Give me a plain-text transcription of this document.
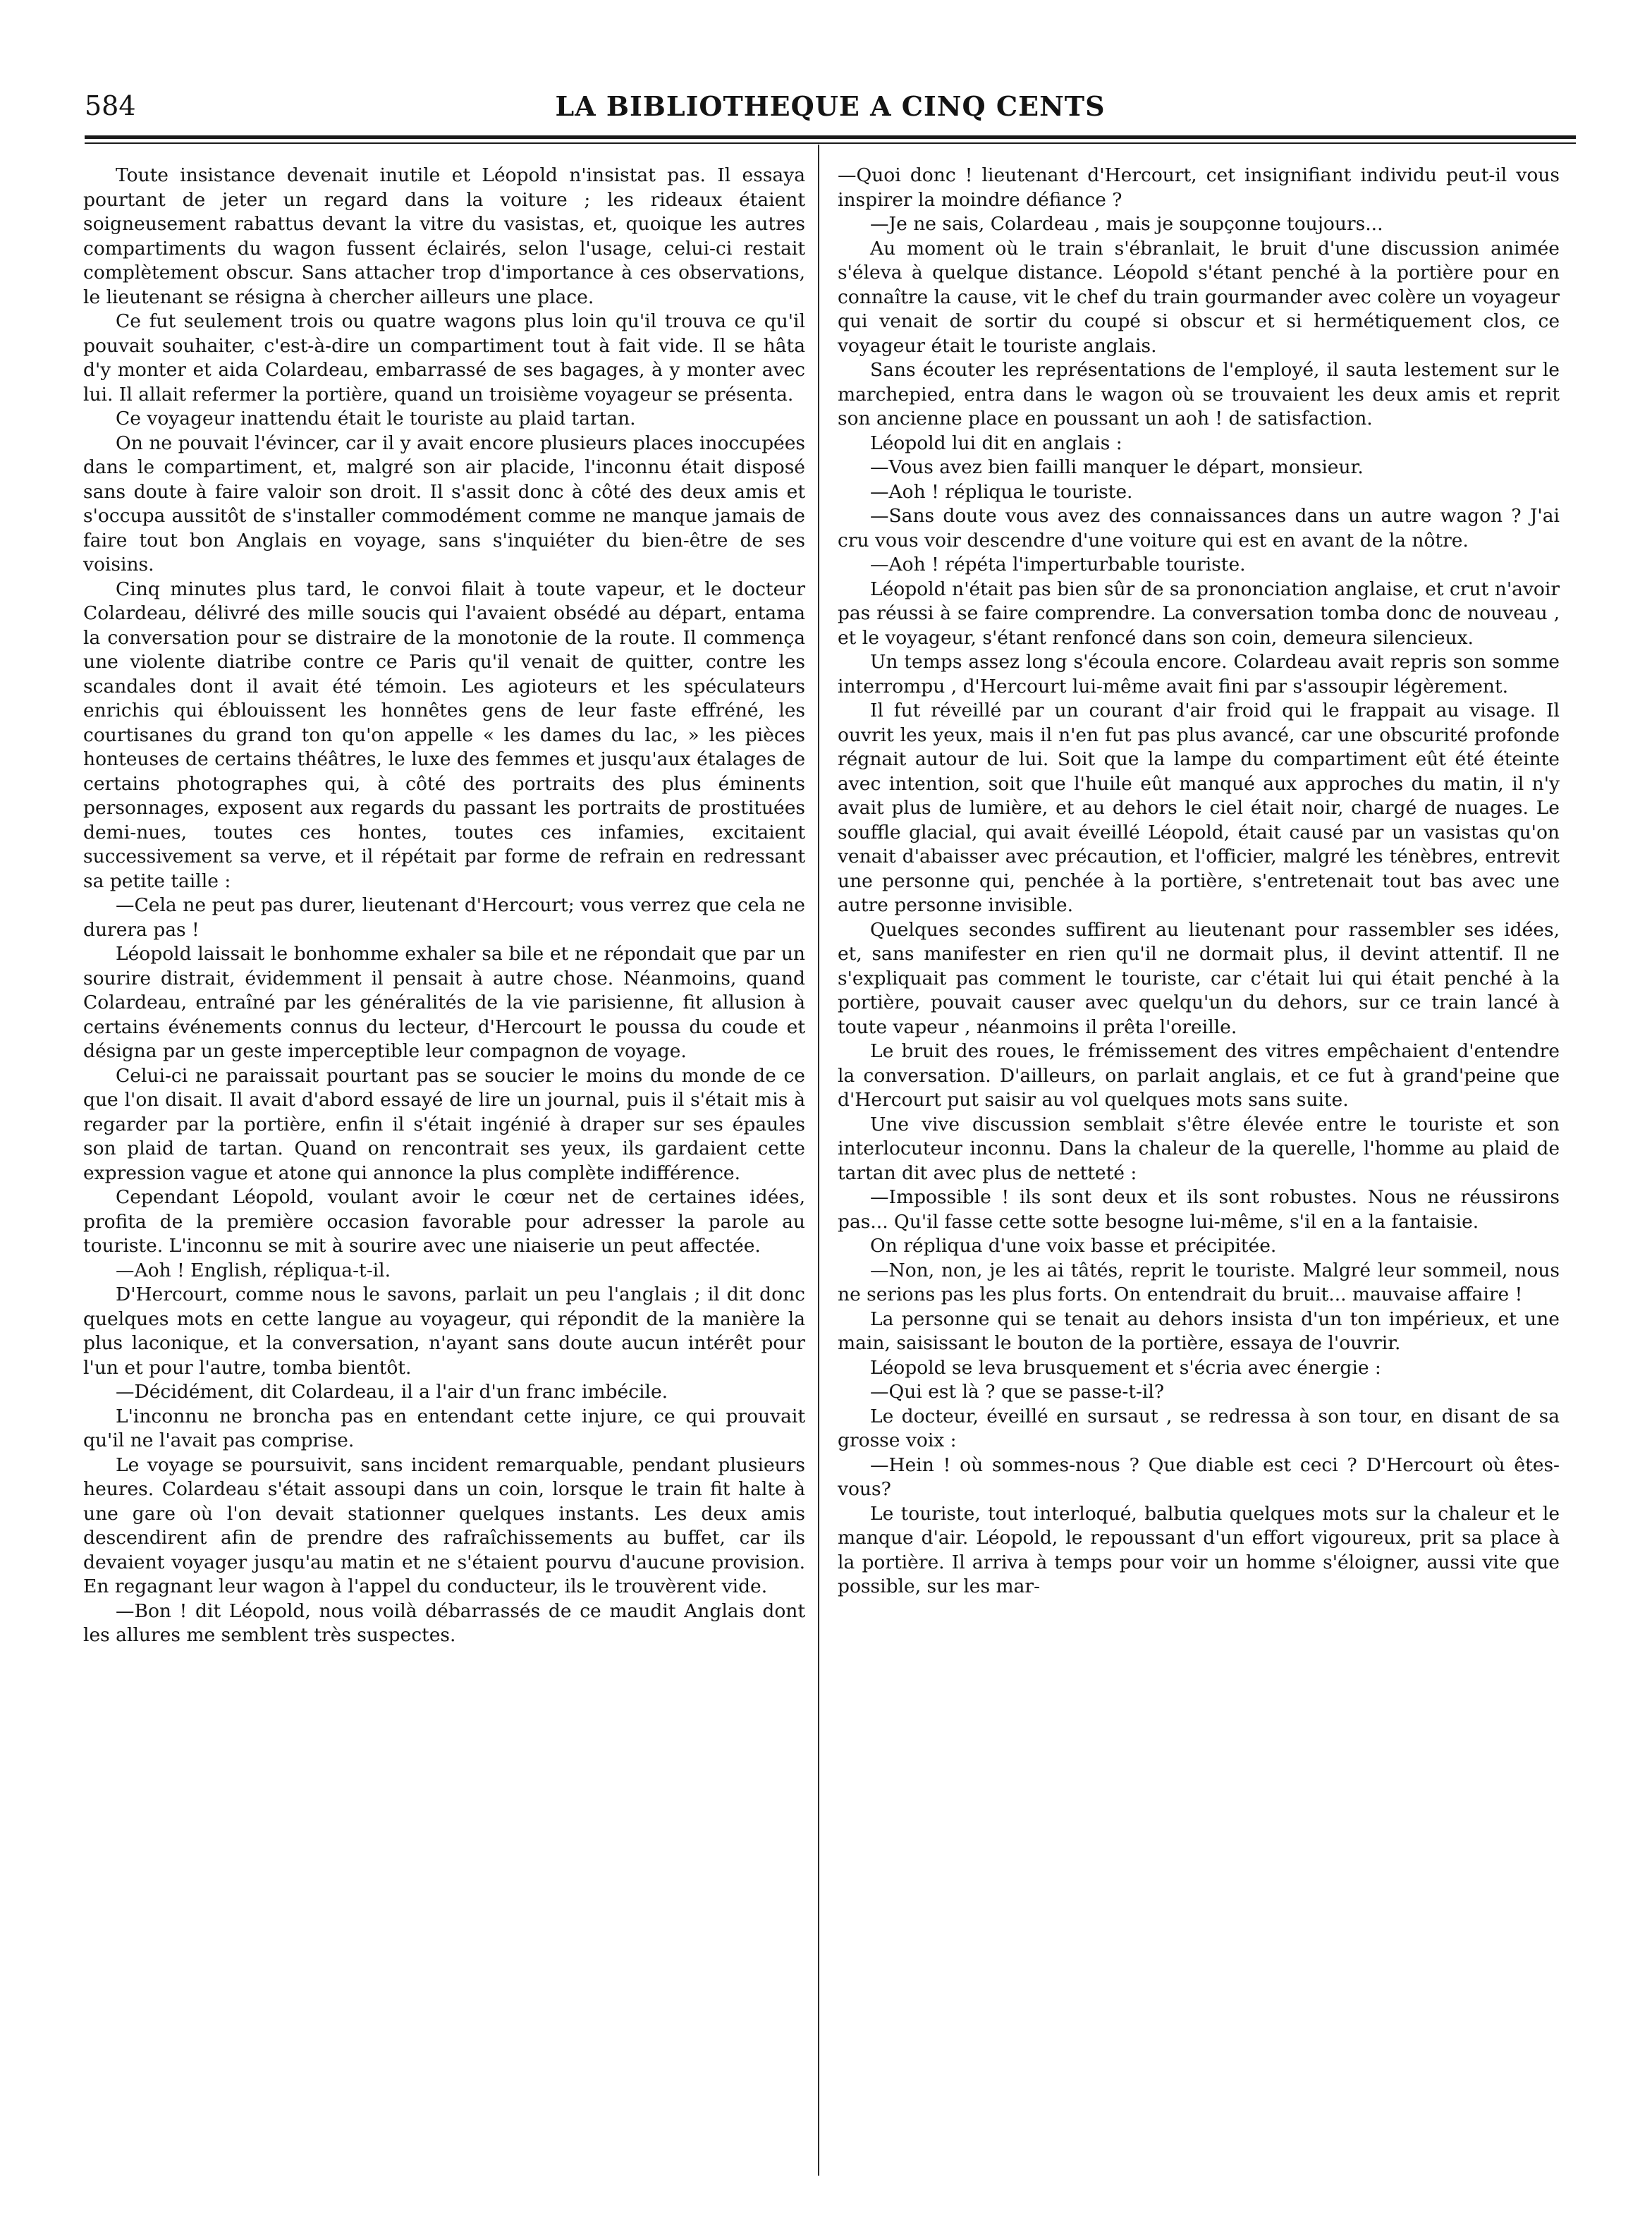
584	LA BIBLIOTHEQUE A CINQ CENTS

Toute insistance devenait inutile et Léopold n'insistat pas. Il essaya pourtant de jeter un regard dans la voiture ; les rideaux étaient soigneusement rabattus devant la vitre du vasistas, et, quoique les autres compartiments du wagon fussent éclairés, selon l'usage, celui-ci restait complètement obscur. Sans attacher trop d'importance à ces observations, le lieutenant se résigna à chercher ailleurs une place.

Ce fut seulement trois ou quatre wagons plus loin qu'il trouva ce qu'il pouvait souhaiter, c'est-à-dire un compartiment tout à fait vide. Il se hâta d'y monter et aida Colardeau, embarrassé de ses bagages, à y monter avec lui. Il allait refermer la portière, quand un troisième voyageur se présenta.

Ce voyageur inattendu était le touriste au plaid tartan.

On ne pouvait l'évincer, car il y avait encore plusieurs places inoccupées dans le compartiment, et, malgré son air placide, l'inconnu était disposé sans doute à faire valoir son droit. Il s'assit donc à côté des deux amis et s'occupa aussitôt de s'installer commodément comme ne manque jamais de faire tout bon Anglais en voyage, sans s'inquiéter du bien-être de ses voisins.

Cinq minutes plus tard, le convoi filait à toute vapeur, et le docteur Colardeau, délivré des mille soucis qui l'avaient obsédé au départ, entama la conversation pour se distraire de la monotonie de la route. Il commença une violente diatribe contre ce Paris qu'il venait de quitter, contre les scandales dont il avait été témoin. Les agioteurs et les spéculateurs enrichis qui éblouissent les honnêtes gens de leur faste effréné, les courtisanes du grand ton qu'on appelle « les dames du lac, » les pièces honteuses de certains théâtres, le luxe des femmes et jusqu'aux étalages de certains photographes qui, à côté des portraits des plus éminents personnages, exposent aux regards du passant les portraits de prostituées demi-nues, toutes ces hontes, toutes ces infamies, excitaient successivement sa verve, et il répétait par forme de refrain en redressant sa petite taille :

—Cela ne peut pas durer, lieutenant d'Hercourt; vous verrez que cela ne durera pas !

Léopold laissait le bonhomme exhaler sa bile et ne répondait que par un sourire distrait, évidemment il pensait à autre chose. Néanmoins, quand Colardeau, entraîné par les généralités de la vie parisienne, fit allusion à certains événements connus du lecteur, d'Hercourt le poussa du coude et désigna par un geste imperceptible leur compagnon de voyage.

Celui-ci ne paraissait pourtant pas se soucier le moins du monde de ce que l'on disait. Il avait d'abord essayé de lire un journal, puis il s'était mis à regarder par la portière, enfin il s'était ingénié à draper sur ses épaules son plaid de tartan. Quand on rencontrait ses yeux, ils gardaient cette expression vague et atone qui annonce la plus complète indifférence.

Cependant Léopold, voulant avoir le cœur net de certaines idées, profita de la première occasion favorable pour adresser la parole au touriste. L'inconnu se mit à sourire avec une niaiserie un peut affectée.

—Aoh ! English, répliqua-t-il.

D'Hercourt, comme nous le savons, parlait un peu l'anglais ; il dit donc quelques mots en cette langue au voyageur, qui répondit de la manière la plus laconique, et la conversation, n'ayant sans doute aucun intérêt pour l'un et pour l'autre, tomba bientôt.

—Décidément, dit Colardeau, il a l'air d'un franc imbécile.

L'inconnu ne broncha pas en entendant cette injure, ce qui prouvait qu'il ne l'avait pas comprise.

Le voyage se poursuivit, sans incident remarquable, pendant plusieurs heures. Colardeau s'était assoupi dans un coin, lorsque le train fit halte à une gare où l'on devait stationner quelques instants. Les deux amis descendirent afin de prendre des rafraîchissements au buffet, car ils devaient voyager jusqu'au matin et ne s'étaient pourvu d'aucune provision. En regagnant leur wagon à l'appel du conducteur, ils le trouvèrent vide.

—Bon ! dit Léopold, nous voilà débarrassés de ce maudit Anglais dont les allures me semblent très suspectes.

—Quoi donc ! lieutenant d'Hercourt, cet insignifiant individu peut-il vous inspirer la moindre défiance ?

—Je ne sais, Colardeau , mais je soupçonne toujours...

Au moment où le train s'ébranlait, le bruit d'une discussion animée s'éleva à quelque distance. Léopold s'étant penché à la portière pour en connaître la cause, vit le chef du train gourmander avec colère un voyageur qui venait de sortir du coupé si obscur et si hermétiquement clos, ce voyageur était le touriste anglais.

Sans écouter les représentations de l'employé, il sauta lestement sur le marchepied, entra dans le wagon où se trouvaient les deux amis et reprit son ancienne place en poussant un aoh ! de satisfaction.

Léopold lui dit en anglais :

—Vous avez bien failli manquer le départ, monsieur.

—Aoh ! répliqua le touriste.

—Sans doute vous avez des connaissances dans un autre wagon ? J'ai cru vous voir descendre d'une voiture qui est en avant de la nôtre.

—Aoh ! répéta l'imperturbable touriste.

Léopold n'était pas bien sûr de sa prononciation anglaise, et crut n'avoir pas réussi à se faire comprendre. La conversation tomba donc de nouveau , et le voyageur, s'étant renfoncé dans son coin, demeura silencieux.

Un temps assez long s'écoula encore. Colardeau avait repris son somme interrompu , d'Hercourt lui-même avait fini par s'assoupir légèrement.

Il fut réveillé par un courant d'air froid qui le frappait au visage. Il ouvrit les yeux, mais il n'en fut pas plus avancé, car une obscurité profonde régnait autour de lui. Soit que la lampe du compartiment eût été éteinte avec intention, soit que l'huile eût manqué aux approches du matin, il n'y avait plus de lumière, et au dehors le ciel était noir, chargé de nuages. Le souffle glacial, qui avait éveillé Léopold, était causé par un vasistas qu'on venait d'abaisser avec précaution, et l'officier, malgré les ténèbres, entrevit une personne qui, penchée à la portière, s'entretenait tout bas avec une autre personne invisible.

Quelques secondes suffirent au lieutenant pour rassembler ses idées, et, sans manifester en rien qu'il ne dormait plus, il devint attentif. Il ne s'expliquait pas comment le touriste, car c'était lui qui était penché à la portière, pouvait causer avec quelqu'un du dehors, sur ce train lancé à toute vapeur , néanmoins il prêta l'oreille.

Le bruit des roues, le frémissement des vitres empêchaient d'entendre la conversation. D'ailleurs, on parlait anglais, et ce fut à grand'peine que d'Hercourt put saisir au vol quelques mots sans suite.

Une vive discussion semblait s'être élevée entre le touriste et son interlocuteur inconnu. Dans la chaleur de la querelle, l'homme au plaid de tartan dit avec plus de netteté :

—Impossible ! ils sont deux et ils sont robustes. Nous ne réussirons pas... Qu'il fasse cette sotte besogne lui-même, s'il en a la fantaisie.

On répliqua d'une voix basse et précipitée.

—Non, non, je les ai tâtés, reprit le touriste. Malgré leur sommeil, nous ne serions pas les plus forts. On entendrait du bruit... mauvaise affaire !

La personne qui se tenait au dehors insista d'un ton impérieux, et une main, saisissant le bouton de la portière, essaya de l'ouvrir.

Léopold se leva brusquement et s'écria avec énergie :

—Qui est là ? que se passe-t-il?

Le docteur, éveillé en sursaut , se redressa à son tour, en disant de sa grosse voix :

—Hein ! où sommes-nous ? Que diable est ceci ? D'Hercourt où êtes-vous?

Le touriste, tout interloqué, balbutia quelques mots sur la chaleur et le manque d'air. Léopold, le repoussant d'un effort vigoureux, prit sa place à la portière. Il arriva à temps pour voir un homme s'éloigner, aussi vite que possible, sur les mar-
